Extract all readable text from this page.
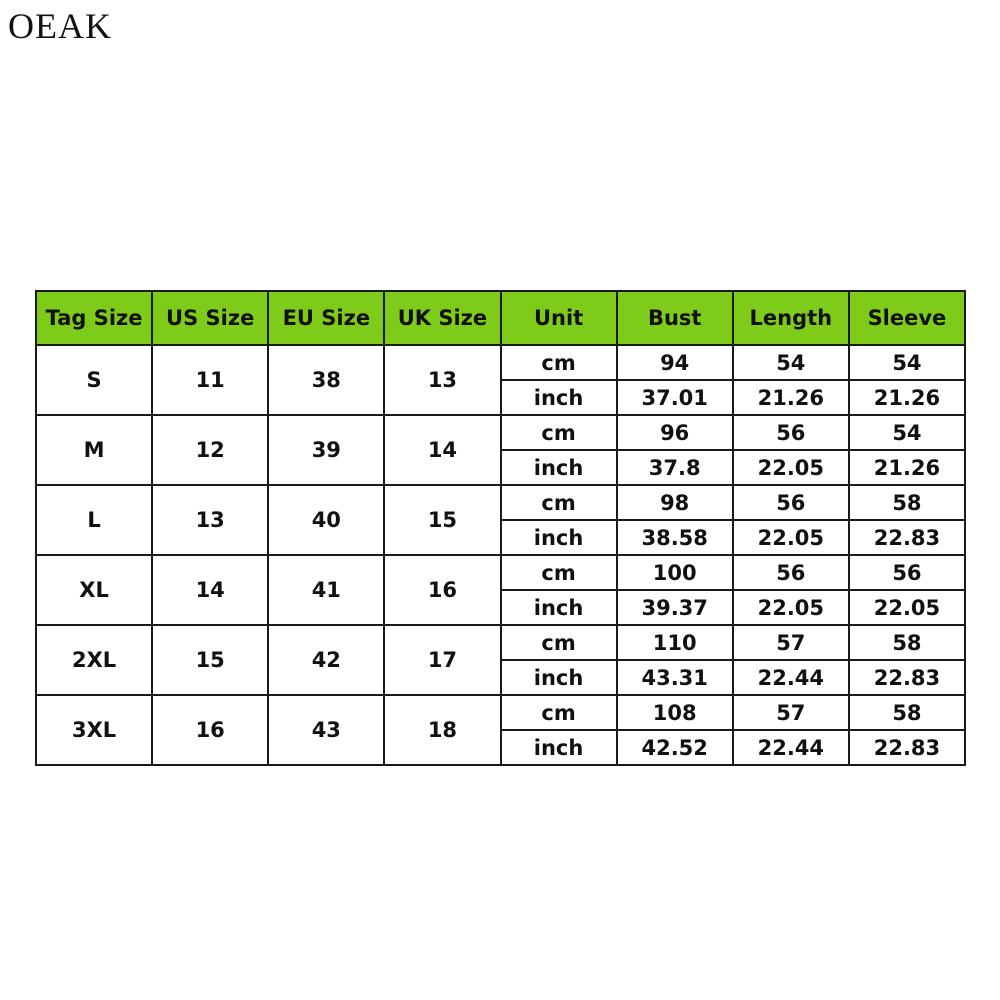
OEAK
Tag Size	US Size	EU Size	UK Size	Unit	Bust	Length	Sleeve
S	11	38	13	cm	94	54	54
				inch	37.01	21.26	21.26
M	12	39	14	cm	96	56	54
				inch	37.8	22.05	21.26
L	13	40	15	cm	98	56	58
				inch	38.58	22.05	22.83
XL	14	41	16	cm	100	56	56
				inch	39.37	22.05	22.05
2XL	15	42	17	cm	110	57	58
				inch	43.31	22.44	22.83
3XL	16	43	18	cm	108	57	58
				inch	42.52	22.44	22.83
